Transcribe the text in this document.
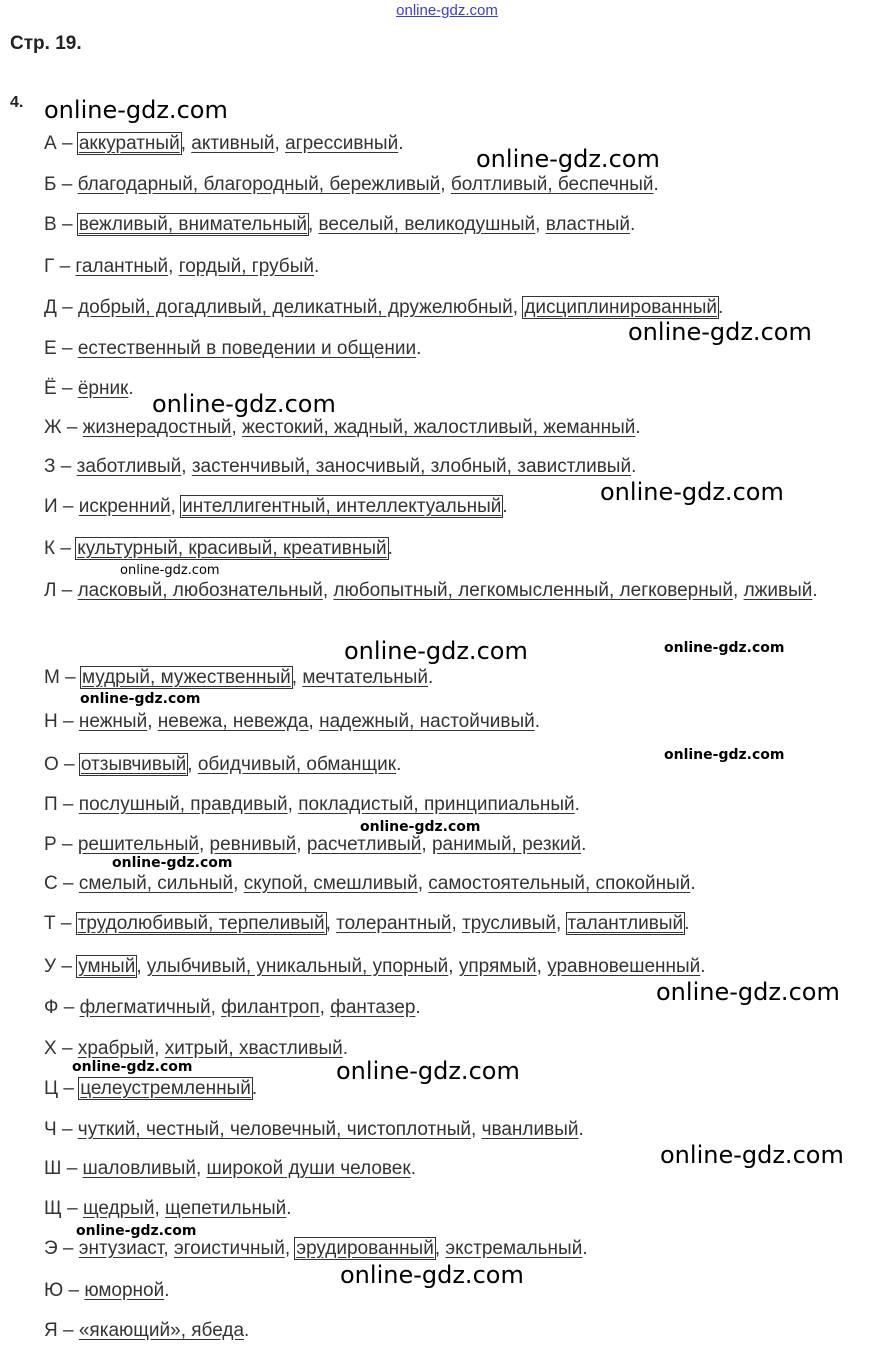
online-gdz.com
Стр. 19.
4.
А – аккуратный, активный, агрессивный.
Б – благодарный, благородный, бережливый, болтливый, беспечный.
В – вежливый, внимательный, веселый, великодушный, властный.
Г – галантный, гордый, грубый.
Д – добрый, догадливый, деликатный, дружелюбный, дисциплинированный.
Е – естественный в поведении и общении.
Ё – ёрник.
Ж – жизнерадостный, жестокий, жадный, жалостливый, жеманный.
З – заботливый, застенчивый, заносчивый, злобный, завистливый.
И – искренний, интеллигентный, интеллектуальный.
К – культурный, красивый, креативный.
Л – ласковый, любознательный, любопытный, легкомысленный, легковерный, лживый.
М – мудрый, мужественный, мечтательный.
Н – нежный, невежа, невежда, надежный, настойчивый.
О – отзывчивый, обидчивый, обманщик.
П – послушный, правдивый, покладистый, принципиальный.
Р – решительный, ревнивый, расчетливый, ранимый, резкий.
С – смелый, сильный, скупой, смешливый, самостоятельный, спокойный.
Т – трудолюбивый, терпеливый, толерантный, трусливый, талантливый.
У – умный, улыбчивый, уникальный, упорный, упрямый, уравновешенный.
Ф – флегматичный, филантроп, фантазер.
Х – храбрый, хитрый, хвастливый.
Ц – целеустремленный.
Ч – чуткий, честный, человечный, чистоплотный, чванливый.
Ш – шаловливый, широкой души человек.
Щ – щедрый, щепетильный.
Э – энтузиаст, эгоистичный, эрудированный, экстремальный.
Ю – юморной.
Я – «якающий», ябеда.
online-gdz.com
online-gdz.com
online-gdz.com
online-gdz.com
online-gdz.com
online-gdz.com
online-gdz.com	online-gdz.com
online-gdz.com
online-gdz.com
online-gdz.com
online-gdz.com
online-gdz.com
online-gdz.com	online-gdz.com
online-gdz.com
online-gdz.com
online-gdz.com
